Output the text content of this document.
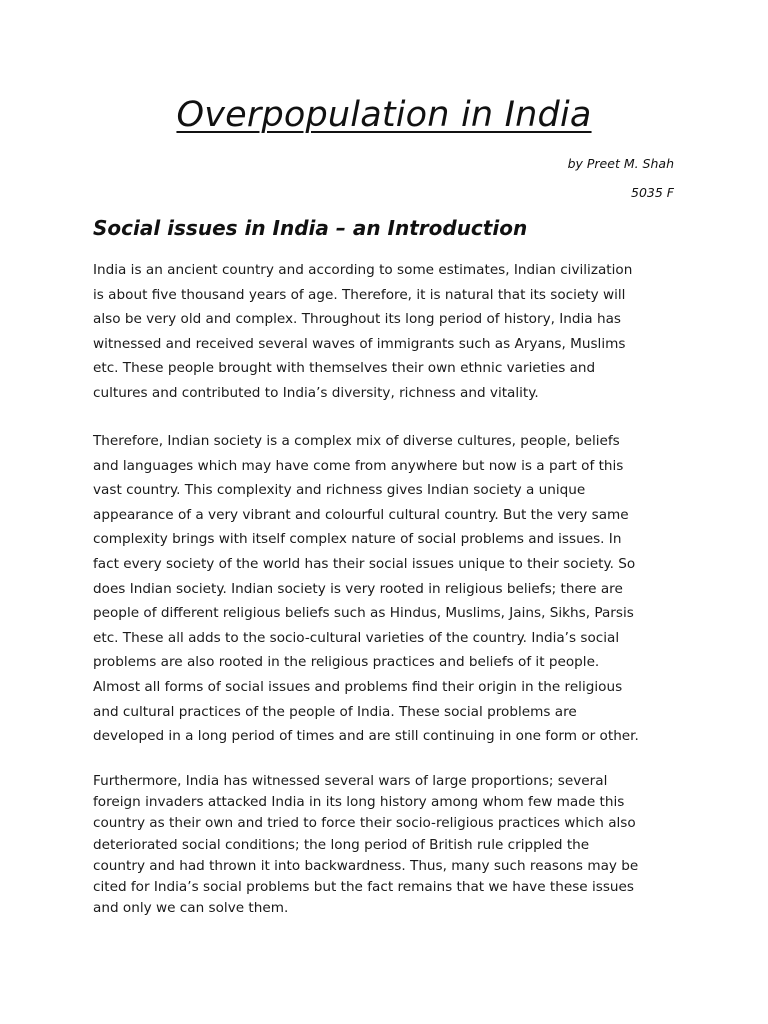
Overpopulation in India
by Preet M. Shah
5035 F
Social issues in India – an Introduction

India is an ancient country and according to some estimates, Indian civilization
is about five thousand years of age. Therefore, it is natural that its society will
also be very old and complex. Throughout its long period of history, India has
witnessed and received several waves of immigrants such as Aryans, Muslims
etc. These people brought with themselves their own ethnic varieties and
cultures and contributed to India’s diversity, richness and vitality.

Therefore, Indian society is a complex mix of diverse cultures, people, beliefs
and languages which may have come from anywhere but now is a part of this
vast country. This complexity and richness gives Indian society a unique
appearance of a very vibrant and colourful cultural country. But the very same
complexity brings with itself complex nature of social problems and issues. In
fact every society of the world has their social issues unique to their society. So
does Indian society. Indian society is very rooted in religious beliefs; there are
people of different religious beliefs such as Hindus, Muslims, Jains, Sikhs, Parsis
etc. These all adds to the socio-cultural varieties of the country. India’s social
problems are also rooted in the religious practices and beliefs of it people.
Almost all forms of social issues and problems find their origin in the religious
and cultural practices of the people of India. These social problems are
developed in a long period of times and are still continuing in one form or other.

Furthermore, India has witnessed several wars of large proportions; several
foreign invaders attacked India in its long history among whom few made this
country as their own and tried to force their socio-religious practices which also
deteriorated social conditions; the long period of British rule crippled the
country and had thrown it into backwardness. Thus, many such reasons may be
cited for India’s social problems but the fact remains that we have these issues
and only we can solve them.
